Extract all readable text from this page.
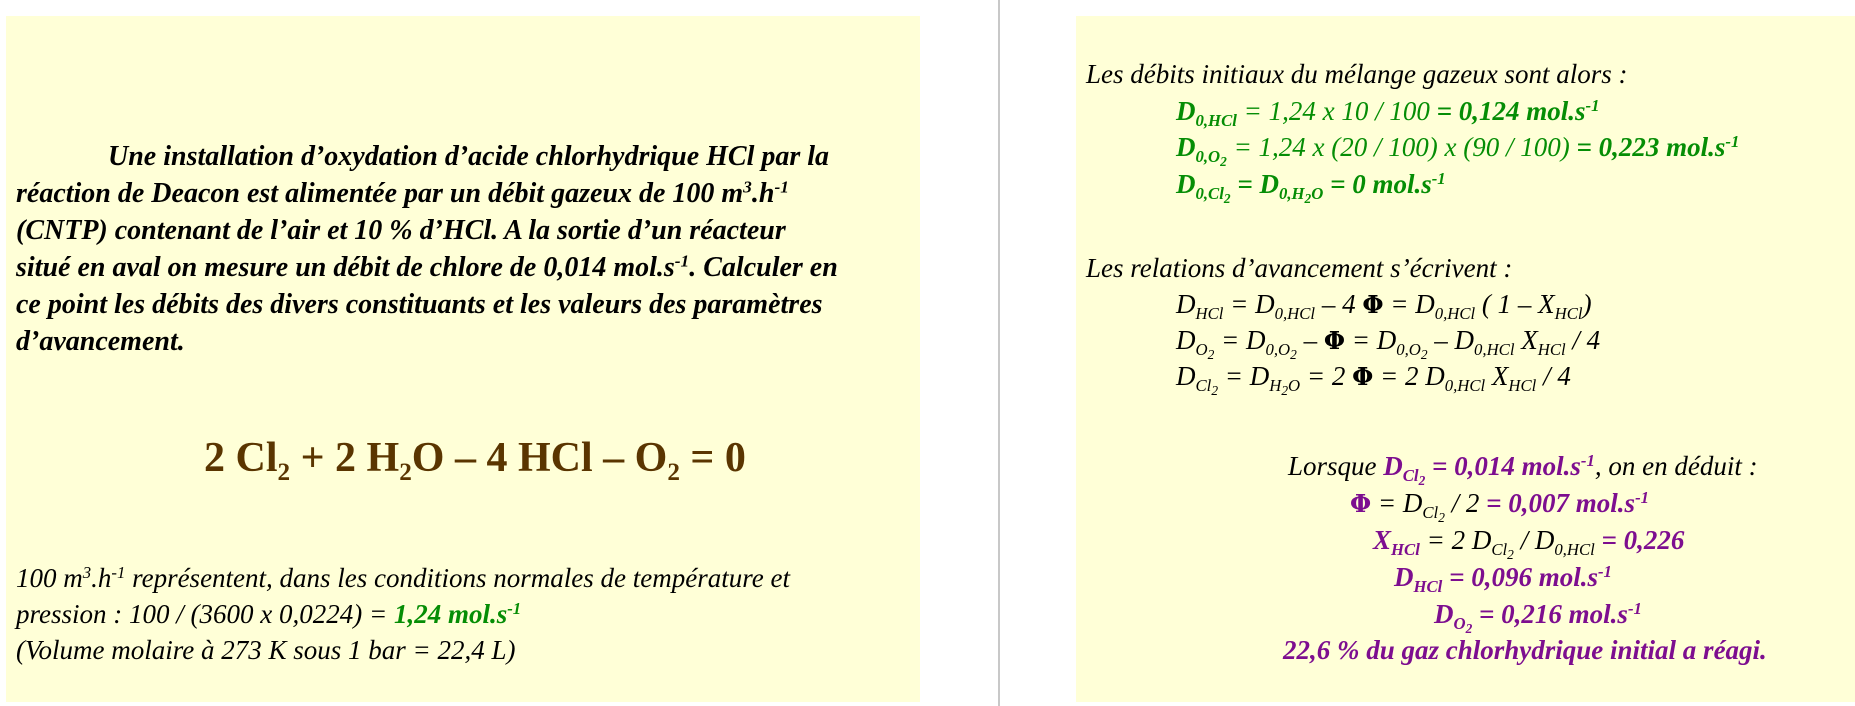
Une installation d’oxydation d’acide chlorhydrique HCl par la
réaction de Deacon est alimentée par un débit gazeux de 100 $m^3.h^{-1}$
(CNTP) contenant de l’air et 10 % d’HCl. A la sortie d’un réacteur
situé en aval on mesure un débit de chlore de 0,014 $mol.s^{-1}$. Calculer en
ce point les débits des divers constituants et les valeurs des paramètres
d’avancement.
2 $Cl_2 + 2$ $H_2O - 4$ HCl – $O_2 = 0$
100 $m^3.h^{-1}$ représentent, dans les conditions normales de température et
pression : 100 / (3600 x 0,0224) = 1,24 $mol.s^{-1}$
(Volume molaire à 273 K sous 1 bar = 22,4 L)
Les débits initiaux du mélange gazeux sont alors :
$D_{0,HCl} = 1,24$ x 10 / 100 = 0,124 $mol.s^{-1}$
$D_{0,O_2} = 1,24$ x (20 / 100) x (90 / 100) = 0,223 $mol.s^{-1}$
$D_{0,Cl_2} = D_{0,H_2O} = 0$ $mol.s^{-1}$
Les relations d’avancement s’écrivent :
$D_{HCl} = D_{0,HCl} - 4$ $\Phi = D_{0,HCl}$ ( $1 - X_{HCl}$)
$D_{O_2} = D_{0,O_2} - \Phi = D_{0,O_2} - D_{0,HCl}$ $X_{HCl} / 4$
$D_{Cl_2} = D_{H_2O} = 2$ Φ = 2 $D_{0,HCl}$ $X_{HCl} / 4$
Lorsque $D_{Cl_2} = 0,014$ $mol.s^{-1}$, on en déduit :
$\Phi = D_{Cl_2} / 2 = 0,007$ $mol.s^{-1}$
$X_{HCl} = 2$ $D_{Cl_2} / D_{0,HCl} = 0,226$
$D_{HCl} = 0,096$ $mol.s^{-1}$
$D_{O_2} = 0,216$ $mol.s^{-1}$
22,6 % du gaz chlorhydrique initial a réagi.
